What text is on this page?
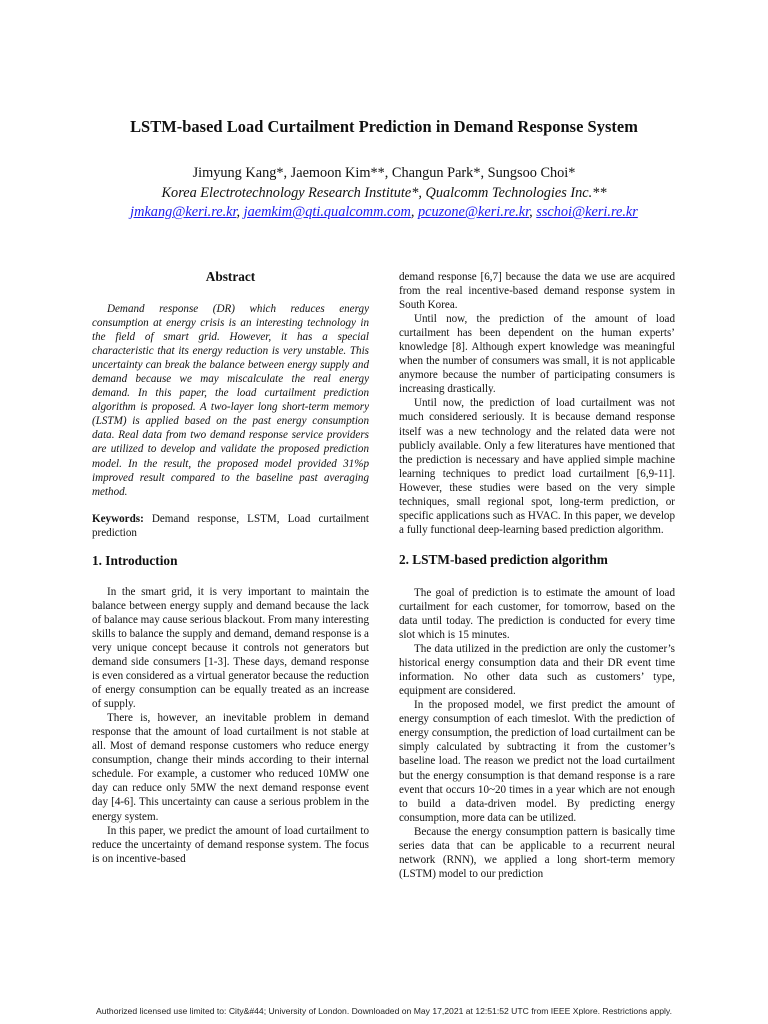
LSTM-based Load Curtailment Prediction in Demand Response System
Jimyung Kang*, Jaemoon Kim**, Changun Park*, Sungsoo Choi*
Korea Electrotechnology Research Institute*, Qualcomm Technologies Inc.**
jmkang@keri.re.kr, jaemkim@qti.qualcomm.com, pcuzone@keri.re.kr, sschoi@keri.re.kr
Abstract

Demand response (DR) which reduces energy consumption at energy crisis is an interesting technology in the field of smart grid. However, it has a special characteristic that its energy reduction is very unstable. This uncertainty can break the balance between energy supply and demand because we may miscalculate the real energy demand. In this paper, the load curtailment prediction algorithm is proposed. A two-layer long short-term memory (LSTM) is applied based on the past energy consumption data. Real data from two demand response service providers are utilized to develop and validate the proposed prediction model. In the result, the proposed model provided 31%p improved result compared to the baseline past averaging method.

Keywords: Demand response, LSTM, Load curtailment prediction

1. Introduction

In the smart grid, it is very important to maintain the balance between energy supply and demand because the lack of balance may cause serious blackout. From many interesting skills to balance the supply and demand, demand response is a very unique concept because it controls not generators but demand side consumers [1-3]. These days, demand response is even considered as a virtual generator because the reduction of energy consumption can be equally treated as an increase of supply.

There is, however, an inevitable problem in demand response that the amount of load curtailment is not stable at all. Most of demand response customers who reduce energy consumption, change their minds according to their internal schedule. For example, a customer who reduced 10MW one day can reduce only 5MW the next demand response event day [4-6]. This uncertainty can cause a serious problem in the energy system.

In this paper, we predict the amount of load curtailment to reduce the uncertainty of demand response system. The focus is on incentive-based

demand response [6,7] because the data we use are acquired from the real incentive-based demand response system in South Korea.

Until now, the prediction of the amount of load curtailment has been dependent on the human experts’ knowledge [8]. Although expert knowledge was meaningful when the number of consumers was small, it is not applicable anymore because the number of participating consumers is increasing drastically.

Until now, the prediction of load curtailment was not much considered seriously. It is because demand response itself was a new technology and the related data were not publicly available. Only a few literatures have mentioned that the prediction is necessary and have applied simple machine learning techniques to predict load curtailment [6,9-11]. However, these studies were based on the very simple techniques, small regional spot, long-term prediction, or specific applications such as HVAC. In this paper, we develop a fully functional deep-learning based prediction algorithm.

2. LSTM-based prediction algorithm

The goal of prediction is to estimate the amount of load curtailment for each customer, for tomorrow, based on the data until today. The prediction is conducted for every time slot which is 15 minutes.

The data utilized in the prediction are only the customer’s historical energy consumption data and their DR event time information. No other data such as customers’ type, equipment are considered.

In the proposed model, we first predict the amount of energy consumption of each timeslot. With the prediction of energy consumption, the prediction of load curtailment can be simply calculated by subtracting it from the customer’s baseline load. The reason we predict not the load curtailment but the energy consumption is that demand response is a rare event that occurs 10~20 times in a year which are not enough to build a data-driven model. By predicting energy consumption, more data can be utilized.

Because the energy consumption pattern is basically time series data that can be applicable to a recurrent neural network (RNN), we applied a long short-term memory (LSTM) model to our prediction

Authorized licensed use limited to: City&#44; University of London. Downloaded on May 17,2021 at 12:51:52 UTC from IEEE Xplore. Restrictions apply.
